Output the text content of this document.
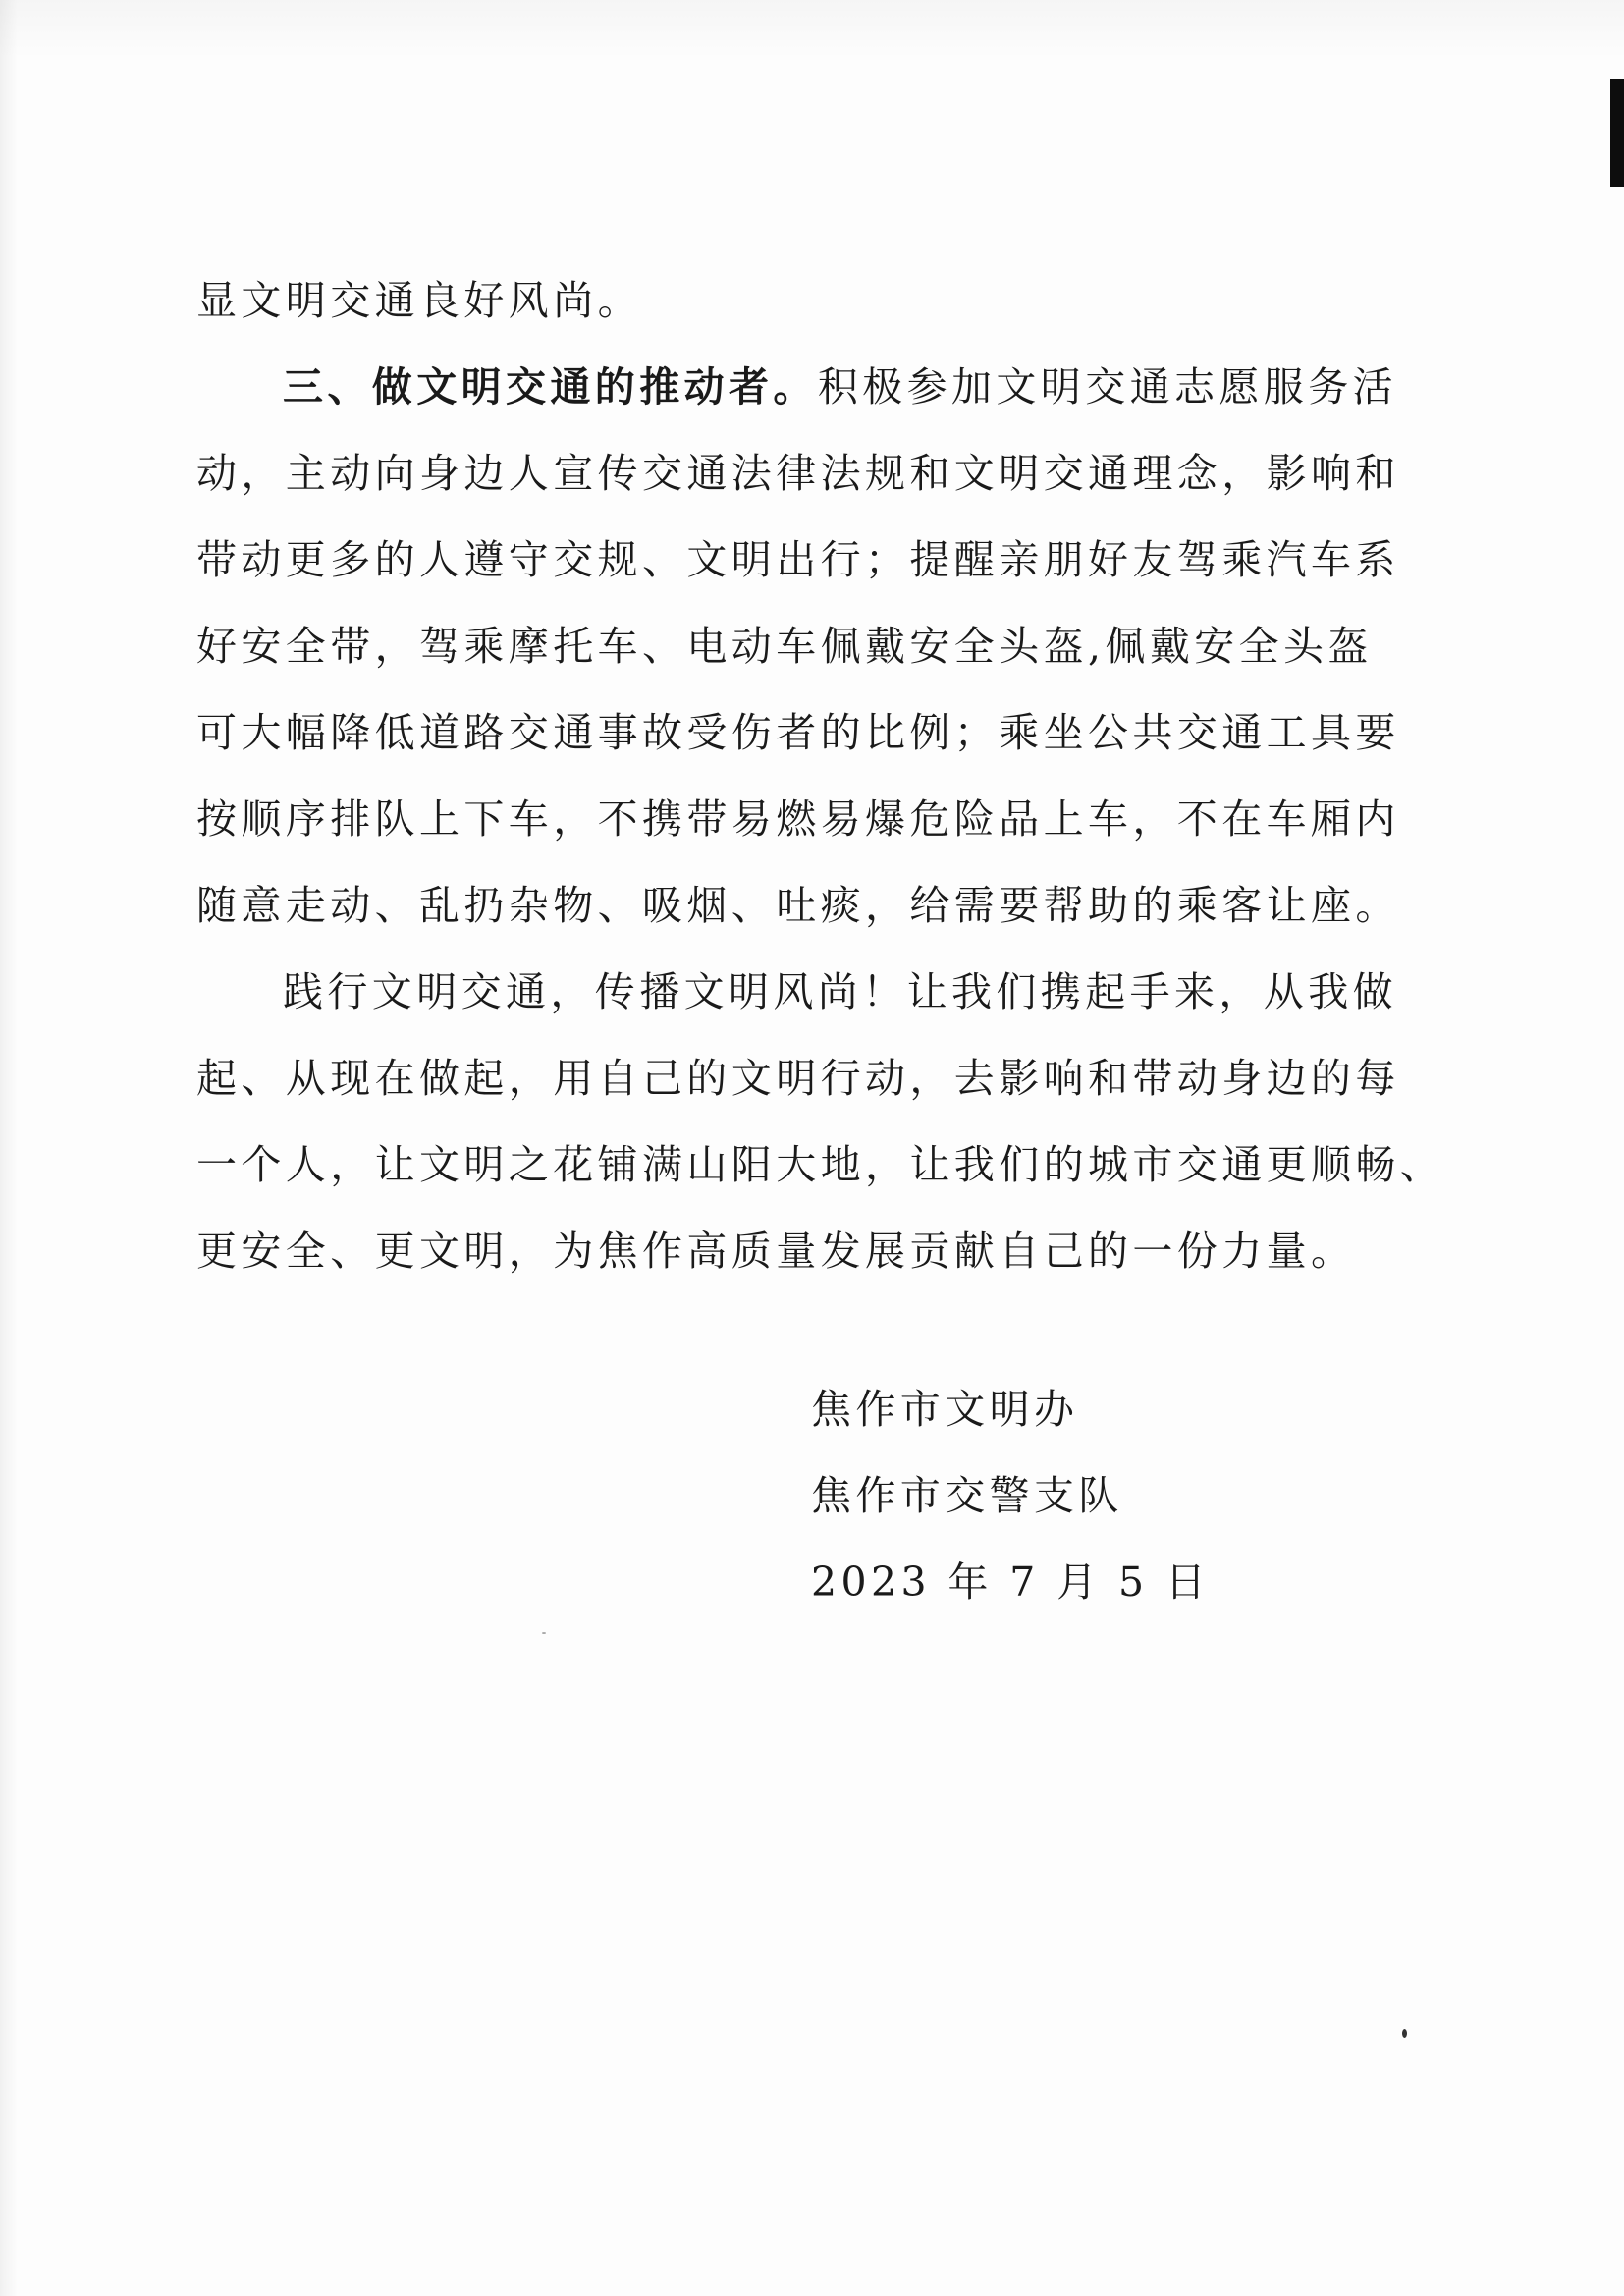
显文明交通良好风尚。
三、做文明交通的推动者。积极参加文明交通志愿服务活
动，主动向身边人宣传交通法律法规和文明交通理念，影响和
带动更多的人遵守交规、文明出行；提醒亲朋好友驾乘汽车系
好安全带，驾乘摩托车、电动车佩戴安全头盔,佩戴安全头盔
可大幅降低道路交通事故受伤者的比例；乘坐公共交通工具要
按顺序排队上下车，不携带易燃易爆危险品上车，不在车厢内
随意走动、乱扔杂物、吸烟、吐痰，给需要帮助的乘客让座。
践行文明交通，传播文明风尚！让我们携起手来，从我做
起、从现在做起，用自己的文明行动，去影响和带动身边的每
一个人，让文明之花铺满山阳大地，让我们的城市交通更顺畅、
更安全、更文明，为焦作高质量发展贡献自己的一份力量。
焦作市文明办
焦作市交警支队
2023 年 7 月 5 日
